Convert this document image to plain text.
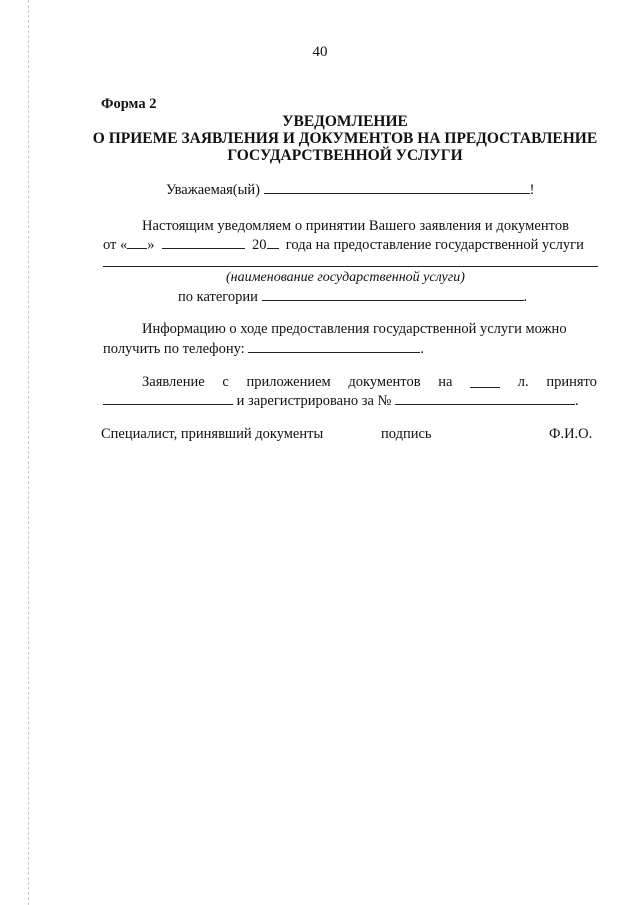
40
Форма 2
УВЕДОМЛЕНИЕ
О ПРИЕМЕ ЗАЯВЛЕНИЯ И ДОКУМЕНТОВ НА ПРЕДОСТАВЛЕНИЕ
ГОСУДАРСТВЕННОЙ УСЛУГИ
Уважаемая(ый)	!
Настоящим уведомляем о принятии Вашего заявления и документов
от « »	20 года на предоставление государственной услуги
(наименование государственной услуги)
по категории	.
Информацию о ходе предоставления государственной услуги можно
получить по телефону:	.
Заявление с приложением документов на	л. принято
и зарегистрировано за №	.
Специалист, принявший документы	подпись	Ф.И.О.
